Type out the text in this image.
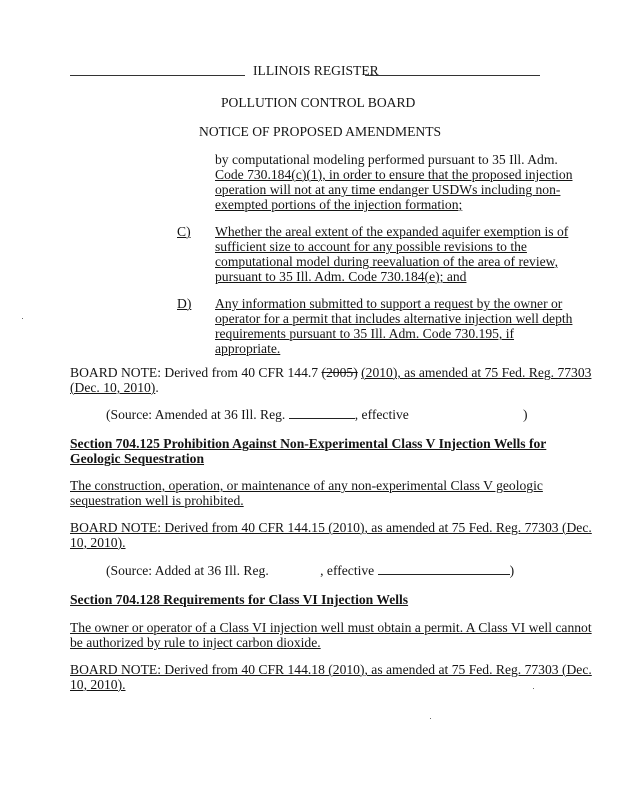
ILLINOIS REGISTER
POLLUTION CONTROL BOARD
NOTICE OF PROPOSED AMENDMENTS
by computational modeling performed pursuant to 35 Ill. Adm.
Code 730.184(c)(1), in order to ensure that the proposed injection
operation will not at any time endanger USDWs including non-
exempted portions of the injection formation;
C) Whether the areal extent of the expanded aquifer exemption is of
sufficient size to account for any possible revisions to the
computational model during reevaluation of the area of review,
pursuant to 35 Ill. Adm. Code 730.184(e); and
D) Any information submitted to support a request by the owner or
operator for a permit that includes alternative injection well depth
requirements pursuant to 35 Ill. Adm. Code 730.195, if
appropriate.
BOARD NOTE: Derived from 40 CFR 144.7 (2005) (2010), as amended at 75 Fed. Reg. 77303
(Dec. 10, 2010).
(Source: Amended at 36 Ill. Reg.	, effective	)
Section 704.125 Prohibition Against Non-Experimental Class V Injection Wells for
Geologic Sequestration
The construction, operation, or maintenance of any non-experimental Class V geologic
sequestration well is prohibited.
BOARD NOTE: Derived from 40 CFR 144.15 (2010), as amended at 75 Fed. Reg. 77303 (Dec.
10, 2010).
(Source: Added at 36 Ill. Reg.	, effective	)
Section 704.128 Requirements for Class VI Injection Wells
The owner or operator of a Class VI injection well must obtain a permit. A Class VI well cannot
be authorized by rule to inject carbon dioxide.
BOARD NOTE: Derived from 40 CFR 144.18 (2010), as amended at 75 Fed. Reg. 77303 (Dec.
10, 2010).
